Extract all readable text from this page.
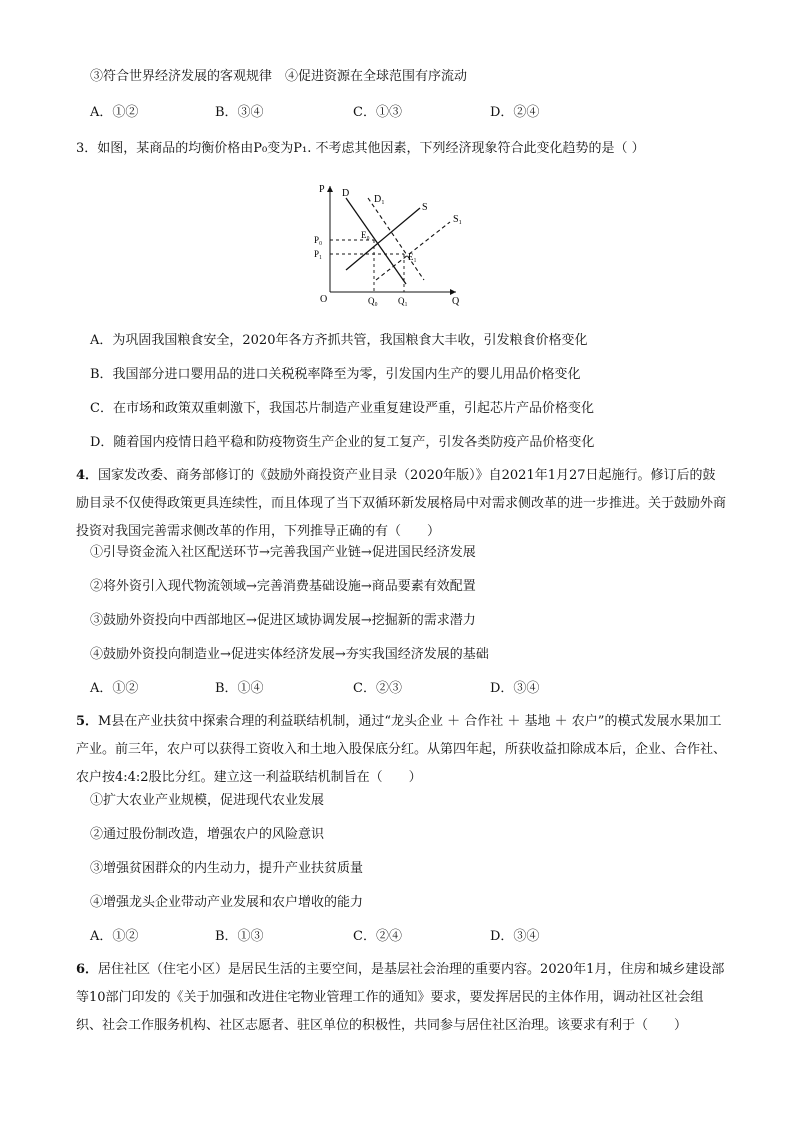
③符合世界经济发展的客观规律　④促进资源在全球范围有序流动
A．①②	B．③④	C．①③	D．②④
3．如图，某商品的均衡价格由P₀变为P₁. 不考虑其他因素，下列经济现象符合此变化趋势的是（ ）
P
Q
O
D
D₁
S
S₁
P₀
P₁
E₀
E₁
Q₀ Q₁
A．为巩固我国粮食安全，2020年各方齐抓共管，我国粮食大丰收，引发粮食价格变化
B．我国部分进口婴用品的进口关税税率降至为零，引发国内生产的婴儿用品价格变化
C．在市场和政策双重刺激下，我国芯片制造产业重复建设严重，引起芯片产品价格变化
D．随着国内疫情日趋平稳和防疫物资生产企业的复工复产，引发各类防疫产品价格变化
4．国家发改委、商务部修订的《鼓励外商投资产业目录（2020年版）》自2021年1月27日起施行。修订后的鼓励目录不仅使得政策更具连续性，而且体现了当下双循环新发展格局中对需求侧改革的进一步推进。关于鼓励外商投资对我国完善需求侧改革的作用，下列推导正确的有（　　）
①引导资金流入社区配送环节→完善我国产业链→促进国民经济发展
②将外资引入现代物流领域→完善消费基础设施→商品要素有效配置
③鼓励外资投向中西部地区→促进区域协调发展→挖掘新的需求潜力
④鼓励外资投向制造业→促进实体经济发展→夯实我国经济发展的基础
A．①②	B．①④	C．②③	D．③④
5．M县在产业扶贫中探索合理的利益联结机制，通过“龙头企业 ＋ 合作社 ＋ 基地 ＋ 农户”的模式发展水果加工产业。前三年，农户可以获得工资收入和土地入股保底分红。从第四年起，所获收益扣除成本后，企业、合作社、农户按4:4:2股比分红。建立这一利益联结机制旨在（　　）
①扩大农业产业规模，促进现代农业发展
②通过股份制改造，增强农户的风险意识
③增强贫困群众的内生动力，提升产业扶贫质量
④增强龙头企业带动产业发展和农户增收的能力
A．①②	B．①③	C．②④	D．③④
6．居住社区（住宅小区）是居民生活的主要空间，是基层社会治理的重要内容。2020年1月，住房和城乡建设部等10部门印发的《关于加强和改进住宅物业管理工作的通知》要求，要发挥居民的主体作用，调动社区社会组织、社会工作服务机构、社区志愿者、驻区单位的积极性，共同参与居住社区治理。该要求有利于（　　）
